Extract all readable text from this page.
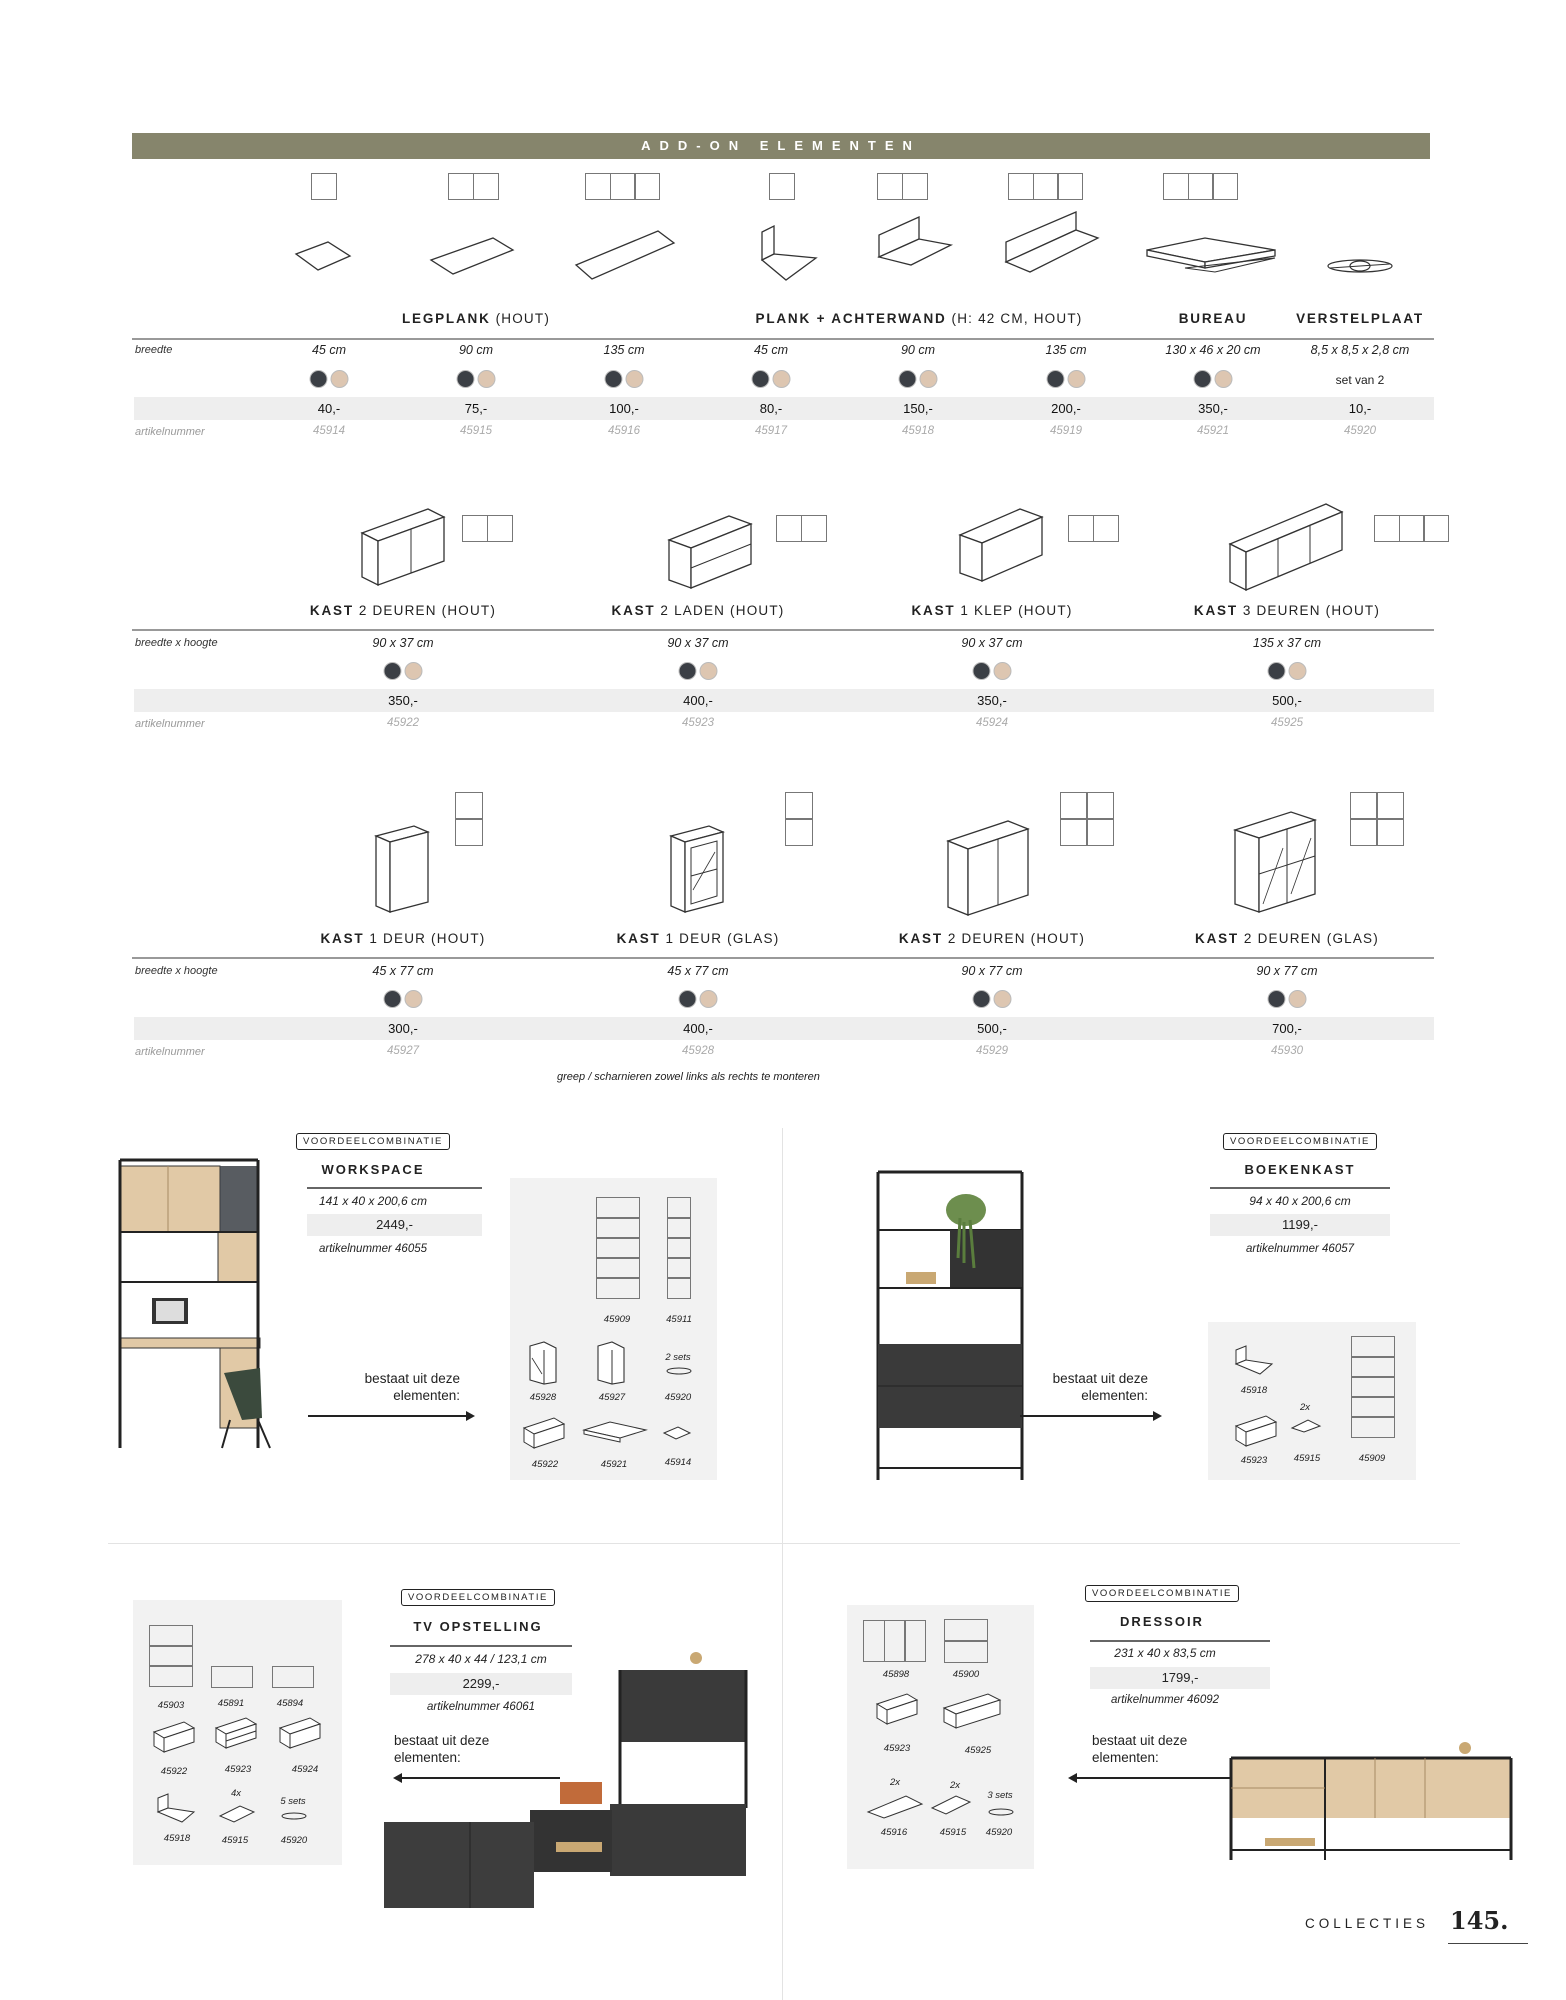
ADD-ON ELEMENTEN
LEGPLANK (HOUT)	PLANK + ACHTERWAND (H: 42 CM, HOUT)	BUREAU	VERSTELPLAAT
breedte
artikelnummer
45 cm	90 cm	135 cm	45 cm	90 cm	135 cm	130 x 46 x 20 cm	8,5 x 8,5 x 2,8 cm
set van 2
40,-	75,-	100,-	80,-	150,-	200,-	350,-	10,-
45914	45915	45916	45917	45918	45919	45921	45920
KAST 2 DEUREN (HOUT)	KAST 2 LADEN (HOUT)	KAST 1 KLEP (HOUT)	KAST 3 DEUREN (HOUT)
breedte x hoogte
artikelnummer
90 x 37 cm	90 x 37 cm	90 x 37 cm	135 x 37 cm
350,-	400,-	350,-	500,-
45922	45923	45924	45925
KAST 1 DEUR (HOUT)	KAST 1 DEUR (GLAS)	KAST 2 DEUREN (HOUT)	KAST 2 DEUREN (GLAS)
breedte x hoogte
artikelnummer
45 x 77 cm	45 x 77 cm	90 x 77 cm	90 x 77 cm
300,-	400,-	500,-	700,-
45927	45928	45929	45930
greep / scharnieren zowel links als rechts te monteren
VOORDEELCOMBINATIE
WORKSPACE
141 x 40 x 200,6 cm
2449,-
artikelnummer 46055
bestaat uit deze elementen:
45909	45911
2 sets
45928	45927	45920
45922	45921	45914
VOORDEELCOMBINATIE
BOEKENKAST
94 x 40 x 200,6 cm
1199,-
artikelnummer 46057
bestaat uit deze elementen:	45918
2x
45923	45915	45909
45903	45891	45894
45922	45923	45924
4x
5 sets
45918	45915	45920
VOORDEELCOMBINATIE
TV OPSTELLING
278 x 40 x 44 / 123,1 cm
2299,-
artikelnummer 46061
bestaat uit deze elementen:
45898	45900
45923	45925
2x	2x
3 sets
45916	45915 45920
VOORDEELCOMBINATIE
DRESSOIR
231 x 40 x 83,5 cm
1799,-
artikelnummer 46092
bestaat uit deze elementen:
COLLECTIES 145.
